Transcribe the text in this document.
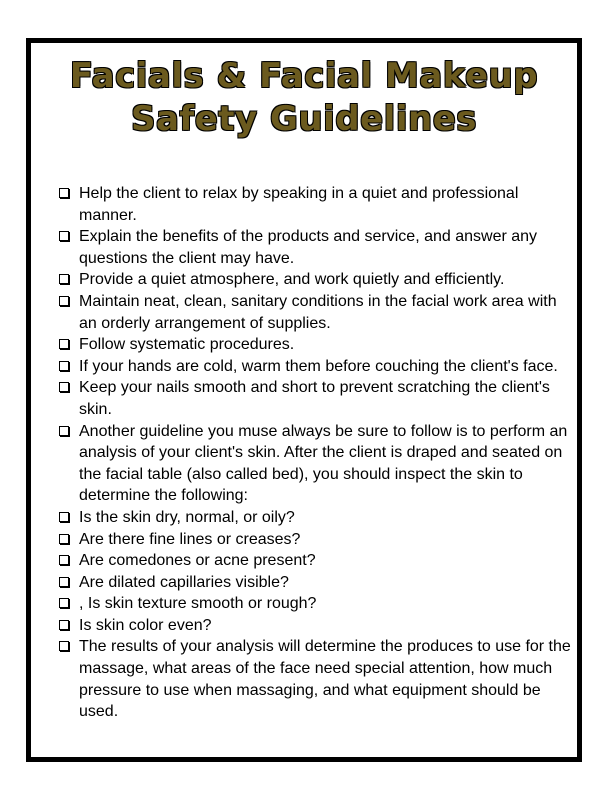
Facials & Facial Makeup
Safety Guidelines
Help the client to relax by speaking in a quiet and professional manner.
Explain the benefits of the products and service, and answer any questions the client may have.
Provide a quiet atmosphere, and work quietly and efficiently.
Maintain neat, clean, sanitary conditions in the facial work area with an orderly arrangement of supplies.
Follow systematic procedures.
If your hands are cold, warm them before couching the client's face.
Keep your nails smooth and short to prevent scratching the client's skin.
Another guideline you muse always be sure to follow is to perform an analysis of your client's skin. After the client is draped and seated on the facial table (also called bed), you should inspect the skin to determine the following:
Is the skin dry, normal, or oily?
Are there fine lines or creases?
Are comedones or acne present?
Are dilated capillaries visible?
, Is skin texture smooth or rough?
Is skin color even?
The results of your analysis will determine the produces to use for the massage, what areas of the face need special attention, how much pressure to use when massaging, and what equipment should be used.
